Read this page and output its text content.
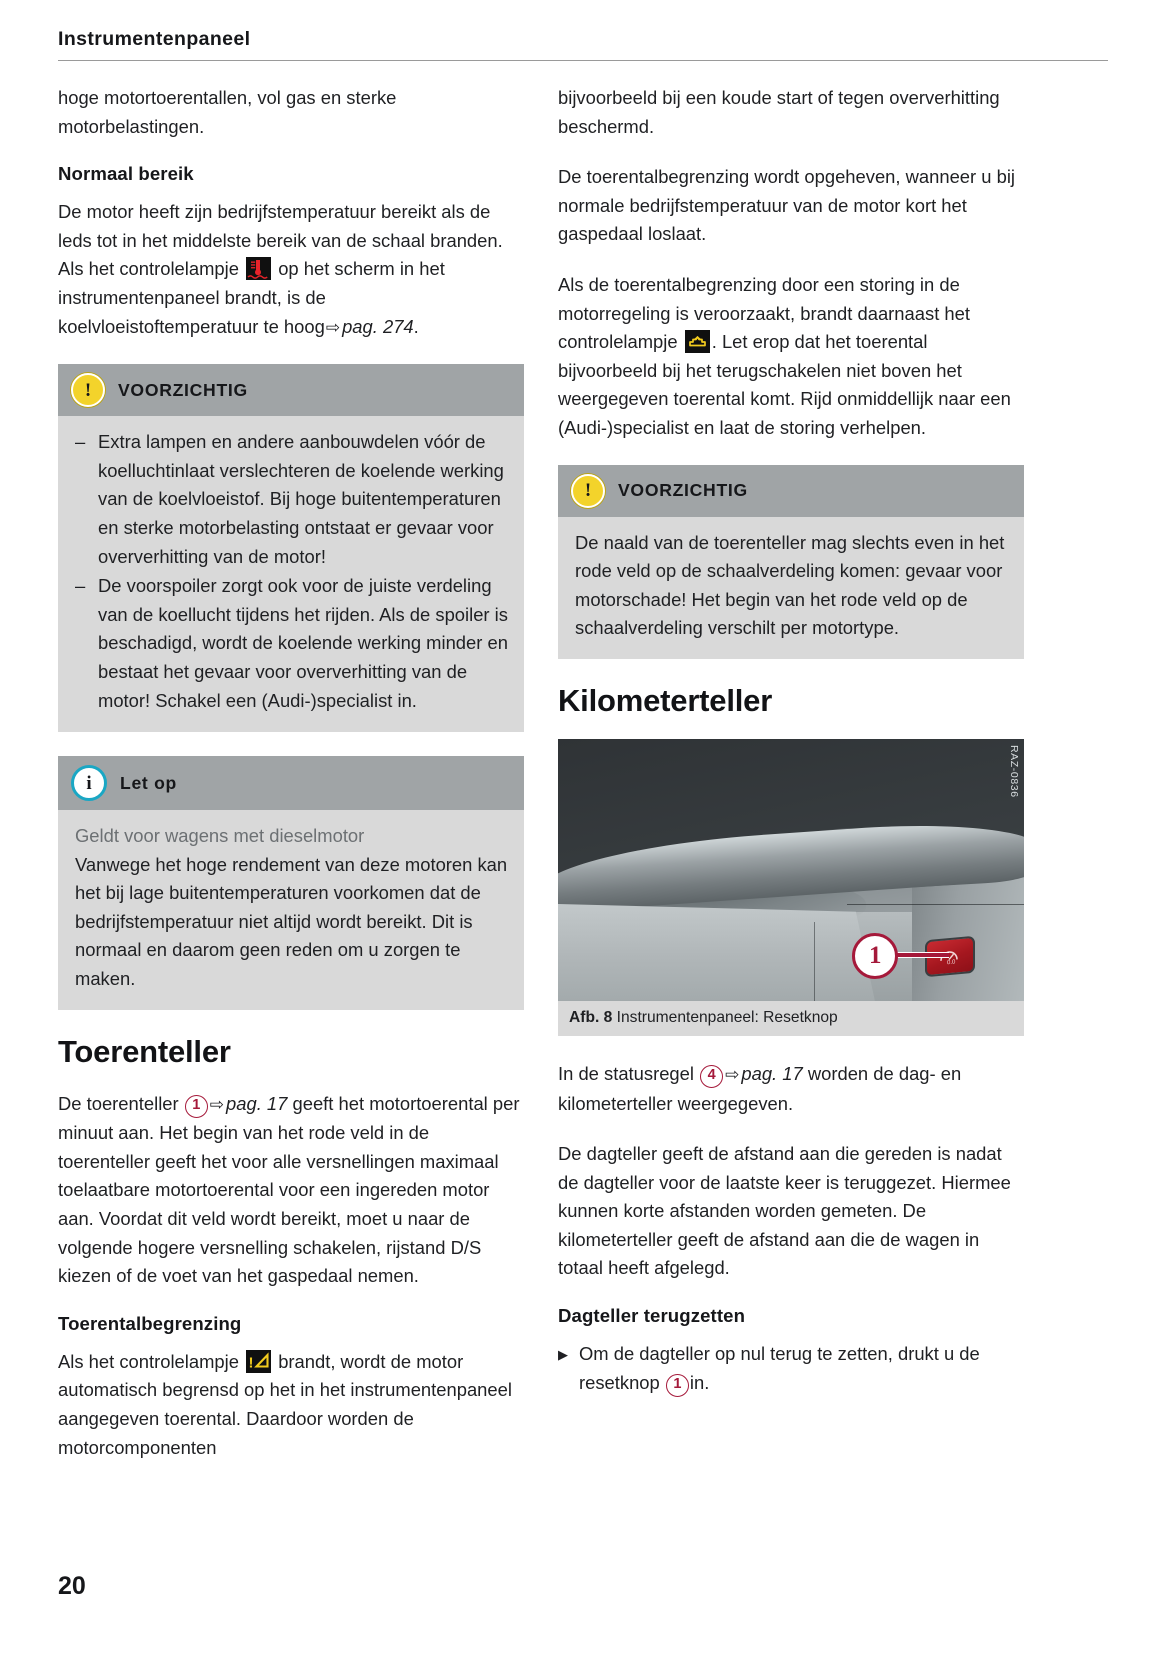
Instrumentenpaneel

hoge motortoerentallen, vol gas en sterke motorbelastingen.

Normaal bereik

De motor heeft zijn bedrijfstemperatuur bereikt als de leds tot in het middelste bereik van de schaal branden. Als het controlelampje op het scherm in het instrumentenpaneel brandt, is de koelvloeistoftemperatuur te hoog⇨ pag. 274.

!	VOORZICHTIG
– Extra lampen en andere aanbouwdelen vóór de koelluchtinlaat verslechteren de koelende werking van de koelvloeistof. Bij hoge buitentemperaturen en sterke motorbelasting ontstaat er gevaar voor oververhitting van de motor!
– De voorspoiler zorgt ook voor de juiste verdeling van de koellucht tijdens het rijden. Als de spoiler is beschadigd, wordt de koelende werking minder en bestaat het gevaar voor oververhitting van de motor! Schakel een (Audi-)specialist in.
i	Let op

Geldt voor wagens met dieselmotor

Vanwege het hoge rendement van deze motoren kan het bij lage buitentemperaturen voorkomen dat de bedrijfstemperatuur niet altijd wordt bereikt. Dit is normaal en daarom geen reden om u zorgen te maken.

Toerenteller

De toerenteller 1 ⇨ pag. 17 geeft het motortoerental per minuut aan. Het begin van het rode veld in de toerenteller geeft het voor alle versnellingen maximaal toelaatbare motortoerental voor een ingereden motor aan. Voordat dit veld wordt bereikt, moet u naar de volgende hogere versnelling schakelen, rijstand D/S kiezen of de voet van het gaspedaal nemen.

Toerentalbegrenzing

Als het controlelampje ! brandt, wordt de motor automatisch begrensd op het in het instrumentenpaneel aangegeven toerental. Daardoor worden de motorcomponenten

bijvoorbeeld bij een koude start of tegen oververhitting beschermd.

De toerentalbegrenzing wordt opgeheven, wanneer u bij normale bedrijfstemperatuur van de motor kort het gaspedaal loslaat.

Als de toerentalbegrenzing door een storing in de motorregeling is veroorzaakt, brandt daarnaast het controlelampje . Let erop dat het toerental bijvoorbeeld bij het terugschakelen niet boven het weergegeven toerental komt. Rijd onmiddellijk naar een (Audi-)specialist en laat de storing verhelpen.

!	VOORZICHTIG

De naald van de toerenteller mag slechts even in het rode veld op de schaalverdeling komen: gevaar voor motorschade! Het begin van het rode veld op de schaalverdeling verschilt per motortype.

Kilometerteller
1	0.0
RAZ-0836
Afb. 8 Instrumentenpaneel: Resetknop

In de statusregel 4 ⇨ pag. 17 worden de dag- en kilometerteller weergegeven.

De dagteller geeft de afstand aan die gereden is nadat de dagteller voor de laatste keer is teruggezet. Hiermee kunnen korte afstanden worden gemeten. De kilometerteller geeft de afstand aan die de wagen in totaal heeft afgelegd.

Dagteller terugzetten
▶ Om de dagteller op nul terug te zetten, drukt u de resetknop 1 in.
20
